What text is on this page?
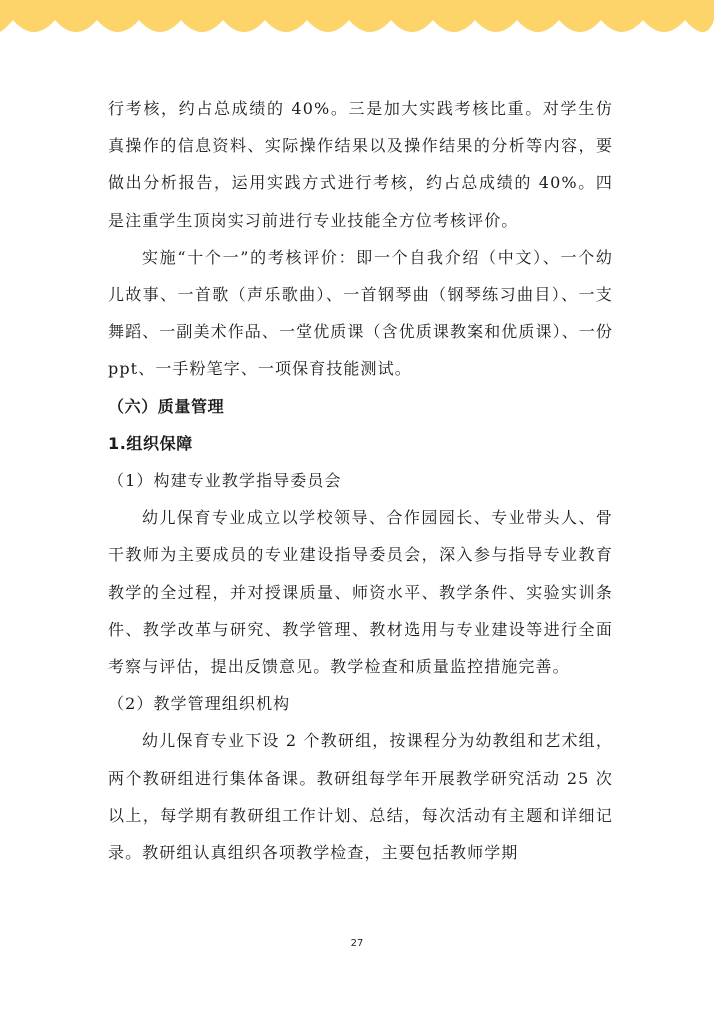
行考核，约占总成绩的 40%。三是加大实践考核比重。对学生仿真操作的信息资料、实际操作结果以及操作结果的分析等内容，要做出分析报告，运用实践方式进行考核，约占总成绩的 40%。四是注重学生顶岗实习前进行专业技能全方位考核评价。

实施“十个一”的考核评价：即一个自我介绍（中文）、一个幼儿故事、一首歌（声乐歌曲）、一首钢琴曲（钢琴练习曲目）、一支舞蹈、一副美术作品、一堂优质课（含优质课教案和优质课）、一份 ppt、一手粉笔字、一项保育技能测试。

（六）质量管理

1.组织保障

（1）构建专业教学指导委员会

幼儿保育专业成立以学校领导、合作园园长、专业带头人、骨干教师为主要成员的专业建设指导委员会，深入参与指导专业教育教学的全过程，并对授课质量、师资水平、教学条件、实验实训条件、教学改革与研究、教学管理、教材选用与专业建设等进行全面考察与评估，提出反馈意见。教学检查和质量监控措施完善。

（2）教学管理组织机构

幼儿保育专业下设 2 个教研组，按课程分为幼教组和艺术组，两个教研组进行集体备课。教研组每学年开展教学研究活动 25 次以上，每学期有教研组工作计划、总结，每次活动有主题和详细记录。教研组认真组织各项教学检查，主要包括教师学期

27
